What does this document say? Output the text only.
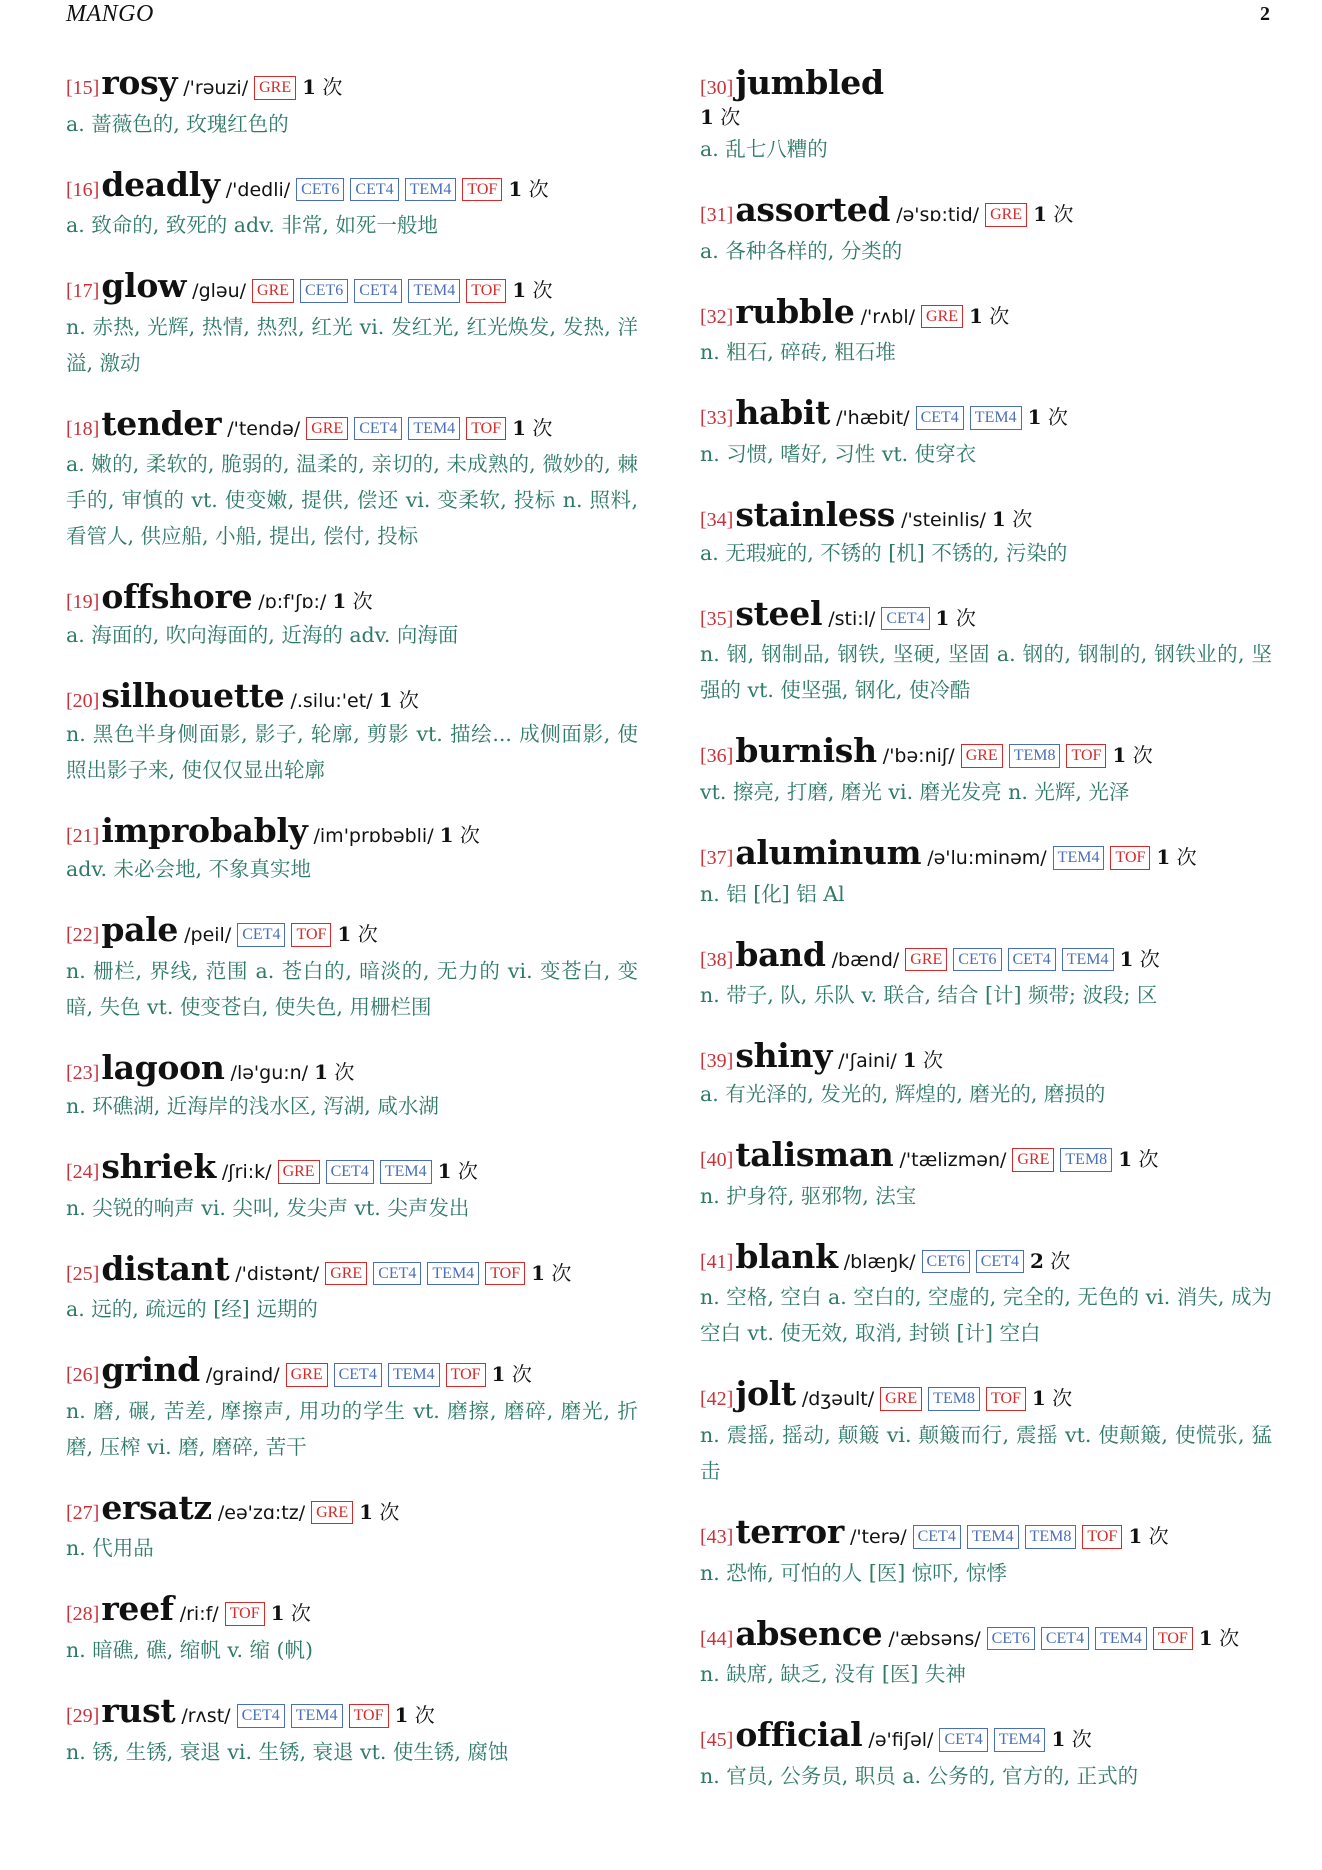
MANGO	2
[15] rosy /'rəuzi/ GRE 1 次
a. 蔷薇色的, 玫瑰红色的
[16] deadly /'dedli/ CET6	CET4	TEM4	TOF 1 次
a. 致命的, 致死的 adv. 非常, 如死一般地
[17] glow /gləu/ GRE	CET6	CET4	TEM4	TOF 1 次
n. 赤热, 光辉, 热情, 热烈, 红光 vi. 发红光, 红光焕发, 发热, 洋溢, 激动
[18] tender /'tendə/ GRE	CET4	TEM4	TOF 1 次
a. 嫩的, 柔软的, 脆弱的, 温柔的, 亲切的, 未成熟的, 微妙的, 棘手的, 审慎的 vt. 使变嫩, 提供, 偿还 vi. 变柔软, 投标 n. 照料, 看管人, 供应船, 小船, 提出, 偿付, 投标
[19] offshore /ɒ:f'ʃɒ:/ 1 次
a. 海面的, 吹向海面的, 近海的 adv. 向海面
[20] silhouette /.silu:'et/ 1 次
n. 黑色半身侧面影, 影子, 轮廓, 剪影 vt. 描绘... 成侧面影, 使照出影子来, 使仅仅显出轮廓
[21] improbably /im'prɒbəbli/ 1 次
adv. 未必会地, 不象真实地
[22] pale /peil/ CET4	TOF 1 次
n. 栅栏, 界线, 范围 a. 苍白的, 暗淡的, 无力的 vi. 变苍白, 变暗, 失色 vt. 使变苍白, 使失色, 用栅栏围
[23] lagoon /lə'gu:n/ 1 次
n. 环礁湖, 近海岸的浅水区, 泻湖, 咸水湖
[24] shriek /ʃri:k/ GRE	CET4	TEM4 1 次
n. 尖锐的响声 vi. 尖叫, 发尖声 vt. 尖声发出
[25] distant /'distənt/ GRE	CET4	TEM4	TOF 1 次
a. 远的, 疏远的 [经] 远期的
[26] grind /graind/ GRE	CET4	TEM4	TOF 1 次
n. 磨, 碾, 苦差, 摩擦声, 用功的学生 vt. 磨擦, 磨碎, 磨光, 折磨, 压榨 vi. 磨, 磨碎, 苦干
[27] ersatz /eə'zɑ:tz/ GRE 1 次
n. 代用品
[28] reef /ri:f/ TOF 1 次
n. 暗礁, 礁, 缩帆 v. 缩 (帆)
[29] rust /rʌst/ CET4	TEM4	TOF 1 次
n. 锈, 生锈, 衰退 vi. 生锈, 衰退 vt. 使生锈, 腐蚀
[30] jumbled
1 次
a. 乱七八糟的
[31] assorted /ə'sɒ:tid/ GRE 1 次
a. 各种各样的, 分类的
[32] rubble /'rʌbl/ GRE 1 次
n. 粗石, 碎砖, 粗石堆
[33] habit /'hæbit/ CET4	TEM4 1 次
n. 习惯, 嗜好, 习性 vt. 使穿衣
[34] stainless /'steinlis/ 1 次
a. 无瑕疵的, 不锈的 [机] 不锈的, 污染的
[35] steel /sti:l/ CET4 1 次
n. 钢, 钢制品, 钢铁, 坚硬, 坚固 a. 钢的, 钢制的, 钢铁业的, 坚强的 vt. 使坚强, 钢化, 使冷酷
[36] burnish /'bə:niʃ/ GRE	TEM8	TOF 1 次
vt. 擦亮, 打磨, 磨光 vi. 磨光发亮 n. 光辉, 光泽
[37] aluminum /ə'lu:minəm/ TEM4	TOF 1 次
n. 铝 [化] 铝 Al
[38] band /bænd/ GRE	CET6	CET4	TEM4 1 次
n. 带子, 队, 乐队 v. 联合, 结合 [计] 频带; 波段; 区
[39] shiny /'ʃaini/ 1 次
a. 有光泽的, 发光的, 辉煌的, 磨光的, 磨损的
[40] talisman /'tælizmən/ GRE	TEM8 1 次
n. 护身符, 驱邪物, 法宝
[41] blank /blæŋk/ CET6	CET4 2 次
n. 空格, 空白 a. 空白的, 空虚的, 完全的, 无色的 vi. 消失, 成为空白 vt. 使无效, 取消, 封锁 [计] 空白
[42] jolt /dʒəult/ GRE	TEM8	TOF 1 次
n. 震摇, 摇动, 颠簸 vi. 颠簸而行, 震摇 vt. 使颠簸, 使慌张, 猛击
[43] terror /'terə/ CET4	TEM4	TEM8	TOF 1 次
n. 恐怖, 可怕的人 [医] 惊吓, 惊悸
[44] absence /'æbsəns/ CET6	CET4	TEM4	TOF 1 次
n. 缺席, 缺乏, 没有 [医] 失神
[45] official /ə'fiʃəl/ CET4	TEM4 1 次
n. 官员, 公务员, 职员 a. 公务的, 官方的, 正式的
